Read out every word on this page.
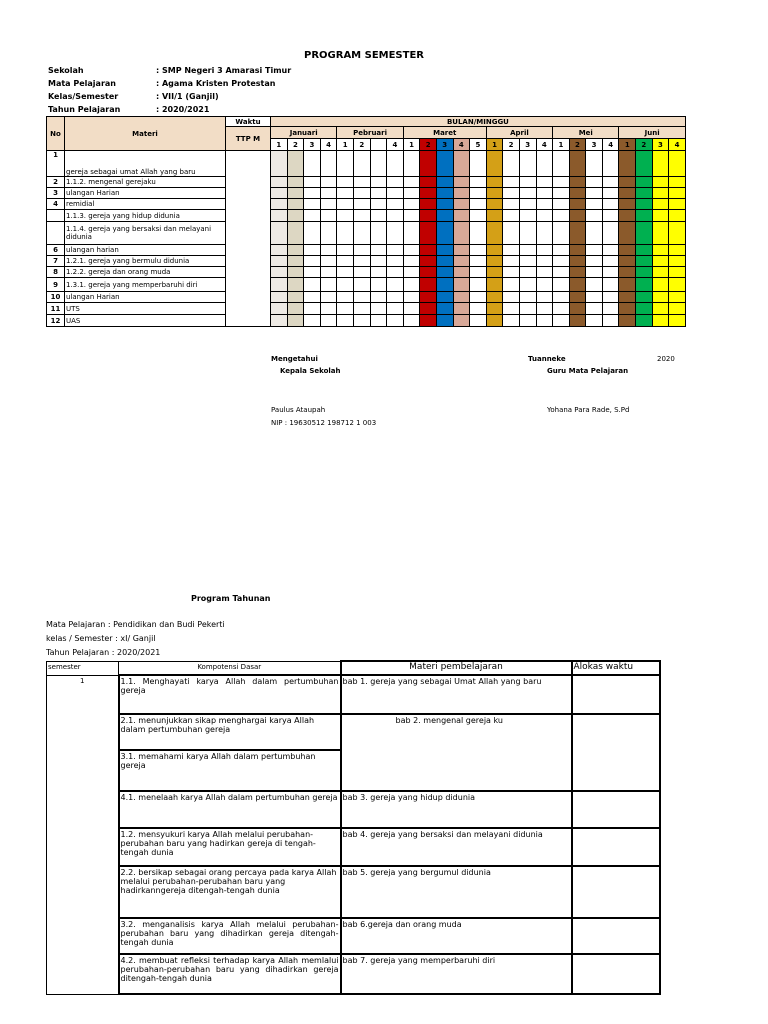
PROGRAM SEMESTER
Sekolah	: SMP Negeri 3 Amarasi Timur
Mata Pelajaran	: Agama Kristen Protestan
Kelas/Semester	: VII/1 (Ganjil)
Tahun Pelajaran	: 2020/2021
No	Materi	Waktu	BULAN/MINGGU																								
		TTP M	Januari				Pebruari				Maret					April				Mei				Juni			
			1	2	3	4	1	2		4	1	2	3	4	5	1	2	3	4	1	2	3	4	1	2	3	4
1	gereja sebagai umat Allah yang baru																										
2	1.1.2. mengenal gerejaku																										
3	ulangan Harian																										
4	remidial																										
	1.1.3. gereja yang hidup didunia																										
	1.1.4. gereja yang bersaksi dan melayani didunia																										
6	ulangan harian																										
7	1.2.1. gereja yang bermulu didunia																										
8	1.2.2. gereja dan orang muda																										
9	1.3.1. gereja yang memperbaruhi diri																										
10	ulangan Harian																										
11	UTS																										
12	UAS																										
Mengetahui	Tuanneke	2020
Kepala Sekolah	Guru Mata Pelajaran
Paulus Ataupah	Yohana Para Rade, S.Pd
NIP : 19630512 198712 1 003
Program Tahunan
Mata Pelajaran : Pendidikan dan Budi Pekerti
kelas / Semester : xI/ Ganjil
Tahun Pelajaran : 2020/2021
semester	Kompotensi Dasar	Materi pembelajaran	Alokas waktu
1	1.1. Menghayati karya Allah dalam pertumbuhan gereja	bab 1. gereja yang sebagai Umat Allah yang baru	
	2.1. menunjukkan sikap menghargai karya Allah dalam pertumbuhan gereja	bab 2. mengenal gereja ku	
	3.1. memahami karya Allah dalam pertumbuhan gereja		
	4.1. menelaah karya Allah dalam pertumbuhan gereja	bab 3. gereja yang hidup didunia	
	1.2. mensyukuri karya Allah melalui perubahan-perubahan baru yang hadirkan gereja di tengah-tengah dunia	bab 4. gereja yang bersaksi dan melayani didunia	
	2.2. bersikap sebagai orang percaya pada karya Allah melalui perubahan-perubahan baru yang hadirkanngereja ditengah-tengah dunia	bab 5. gereja yang bergumul didunia	
	3.2. menganalisis karya Allah melalui perubahan-perubahan baru yang dihadirkan gereja ditengah-tengah dunia	bab 6.gereja dan orang muda	
	4.2. membuat refleksi terhadap karya Allah memlalui perubahan-perubahan baru yang dihadirkan gereja ditengah-tengah dunia	bab 7. gereja yang memperbaruhi diri	
